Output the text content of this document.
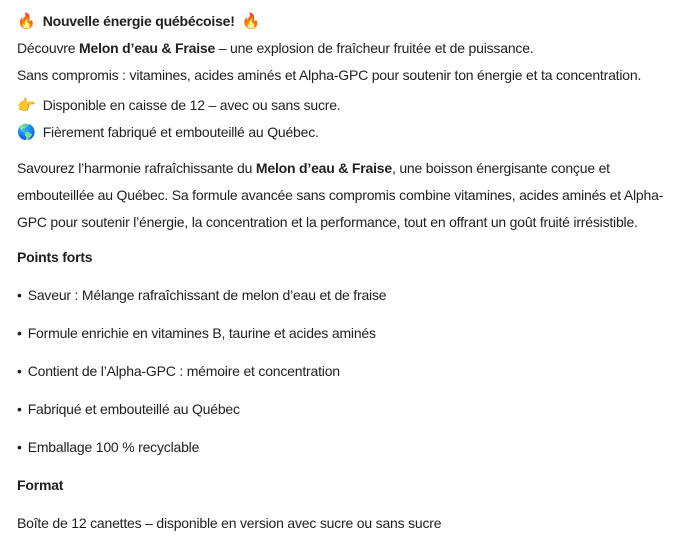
🔥 Nouvelle énergie québécoise! 🔥

Découvre Melon d’eau & Fraise – une explosion de fraîcheur fruitée et de puissance.

Sans compromis : vitamines, acides aminés et Alpha-GPC pour soutenir ton énergie et ta concentration.

👉 Disponible en caisse de 12 – avec ou sans sucre.

🌎 Fièrement fabriqué et embouteillé au Québec.

Savourez l’harmonie rafraîchissante du Melon d’eau & Fraise, une boisson énergisante conçue et embouteillée au Québec. Sa formule avancée sans compromis combine vitamines, acides aminés et Alpha-GPC pour soutenir l’énergie, la concentration et la performance, tout en offrant un goût fruité irrésistible.

Points forts

• Saveur : Mélange rafraîchissant de melon d’eau et de fraise

• Formule enrichie en vitamines B, taurine et acides aminés

• Contient de l’Alpha-GPC : mémoire et concentration

• Fabriqué et embouteillé au Québec

• Emballage 100 % recyclable

Format

Boîte de 12 canettes – disponible en version avec sucre ou sans sucre
